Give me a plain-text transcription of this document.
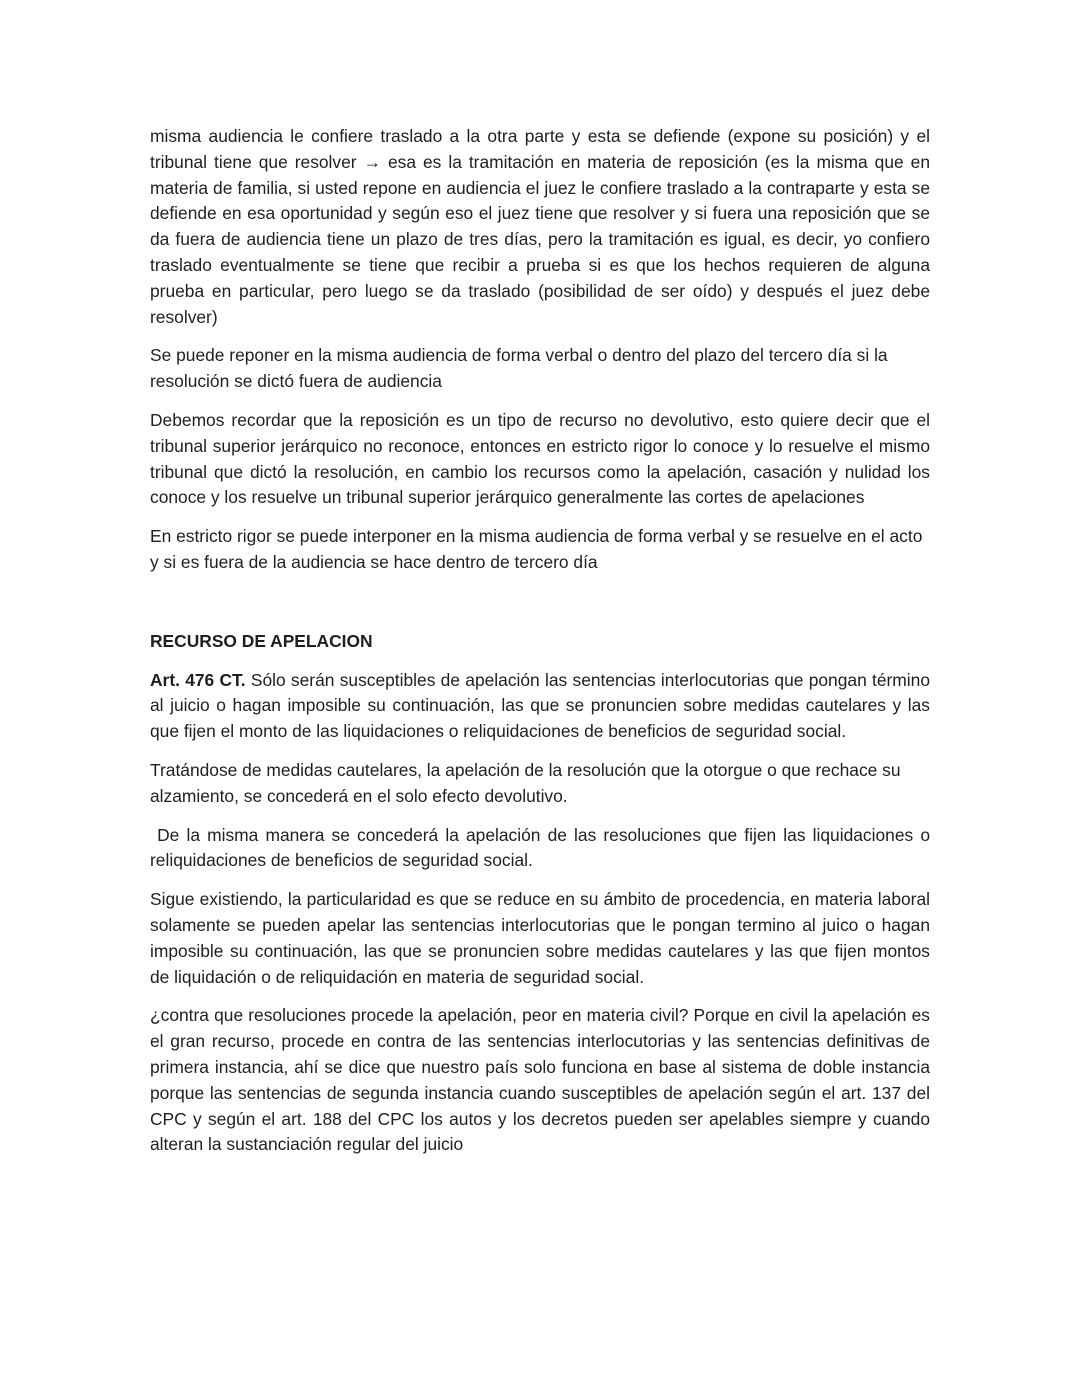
misma audiencia le confiere traslado a la otra parte y esta se defiende (expone su posición) y el tribunal tiene que resolver → esa es la tramitación en materia de reposición (es la misma que en materia de familia, si usted repone en audiencia el juez le confiere traslado a la contraparte y esta se defiende en esa oportunidad y según eso el juez tiene que resolver y si fuera una reposición que se da fuera de audiencia tiene un plazo de tres días, pero la tramitación es igual, es decir, yo confiero traslado eventualmente se tiene que recibir a prueba si es que los hechos requieren de alguna prueba en particular, pero luego se da traslado (posibilidad de ser oído) y después el juez debe resolver)

Se puede reponer en la misma audiencia de forma verbal o dentro del plazo del tercero día si la resolución se dictó fuera de audiencia

Debemos recordar que la reposición es un tipo de recurso no devolutivo, esto quiere decir que el tribunal superior jerárquico no reconoce, entonces en estricto rigor lo conoce y lo resuelve el mismo tribunal que dictó la resolución, en cambio los recursos como la apelación, casación y nulidad los conoce y los resuelve un tribunal superior jerárquico generalmente las cortes de apelaciones

En estricto rigor se puede interponer en la misma audiencia de forma verbal y se resuelve en el acto y si es fuera de la audiencia se hace dentro de tercero día

RECURSO DE APELACION

Art. 476 CT. Sólo serán susceptibles de apelación las sentencias interlocutorias que pongan término al juicio o hagan imposible su continuación, las que se pronuncien sobre medidas cautelares y las que fijen el monto de las liquidaciones o reliquidaciones de beneficios de seguridad social.

Tratándose de medidas cautelares, la apelación de la resolución que la otorgue o que rechace su alzamiento, se concederá en el solo efecto devolutivo.

De la misma manera se concederá la apelación de las resoluciones que fijen las liquidaciones o reliquidaciones de beneficios de seguridad social.

Sigue existiendo, la particularidad es que se reduce en su ámbito de procedencia, en materia laboral solamente se pueden apelar las sentencias interlocutorias que le pongan termino al juico o hagan imposible su continuación, las que se pronuncien sobre medidas cautelares y las que fijen montos de liquidación o de reliquidación en materia de seguridad social.

¿contra que resoluciones procede la apelación, peor en materia civil? Porque en civil la apelación es el gran recurso, procede en contra de las sentencias interlocutorias y las sentencias definitivas de primera instancia, ahí se dice que nuestro país solo funciona en base al sistema de doble instancia porque las sentencias de segunda instancia cuando susceptibles de apelación según el art. 137 del CPC y según el art. 188 del CPC los autos y los decretos pueden ser apelables siempre y cuando alteran la sustanciación regular del juicio
